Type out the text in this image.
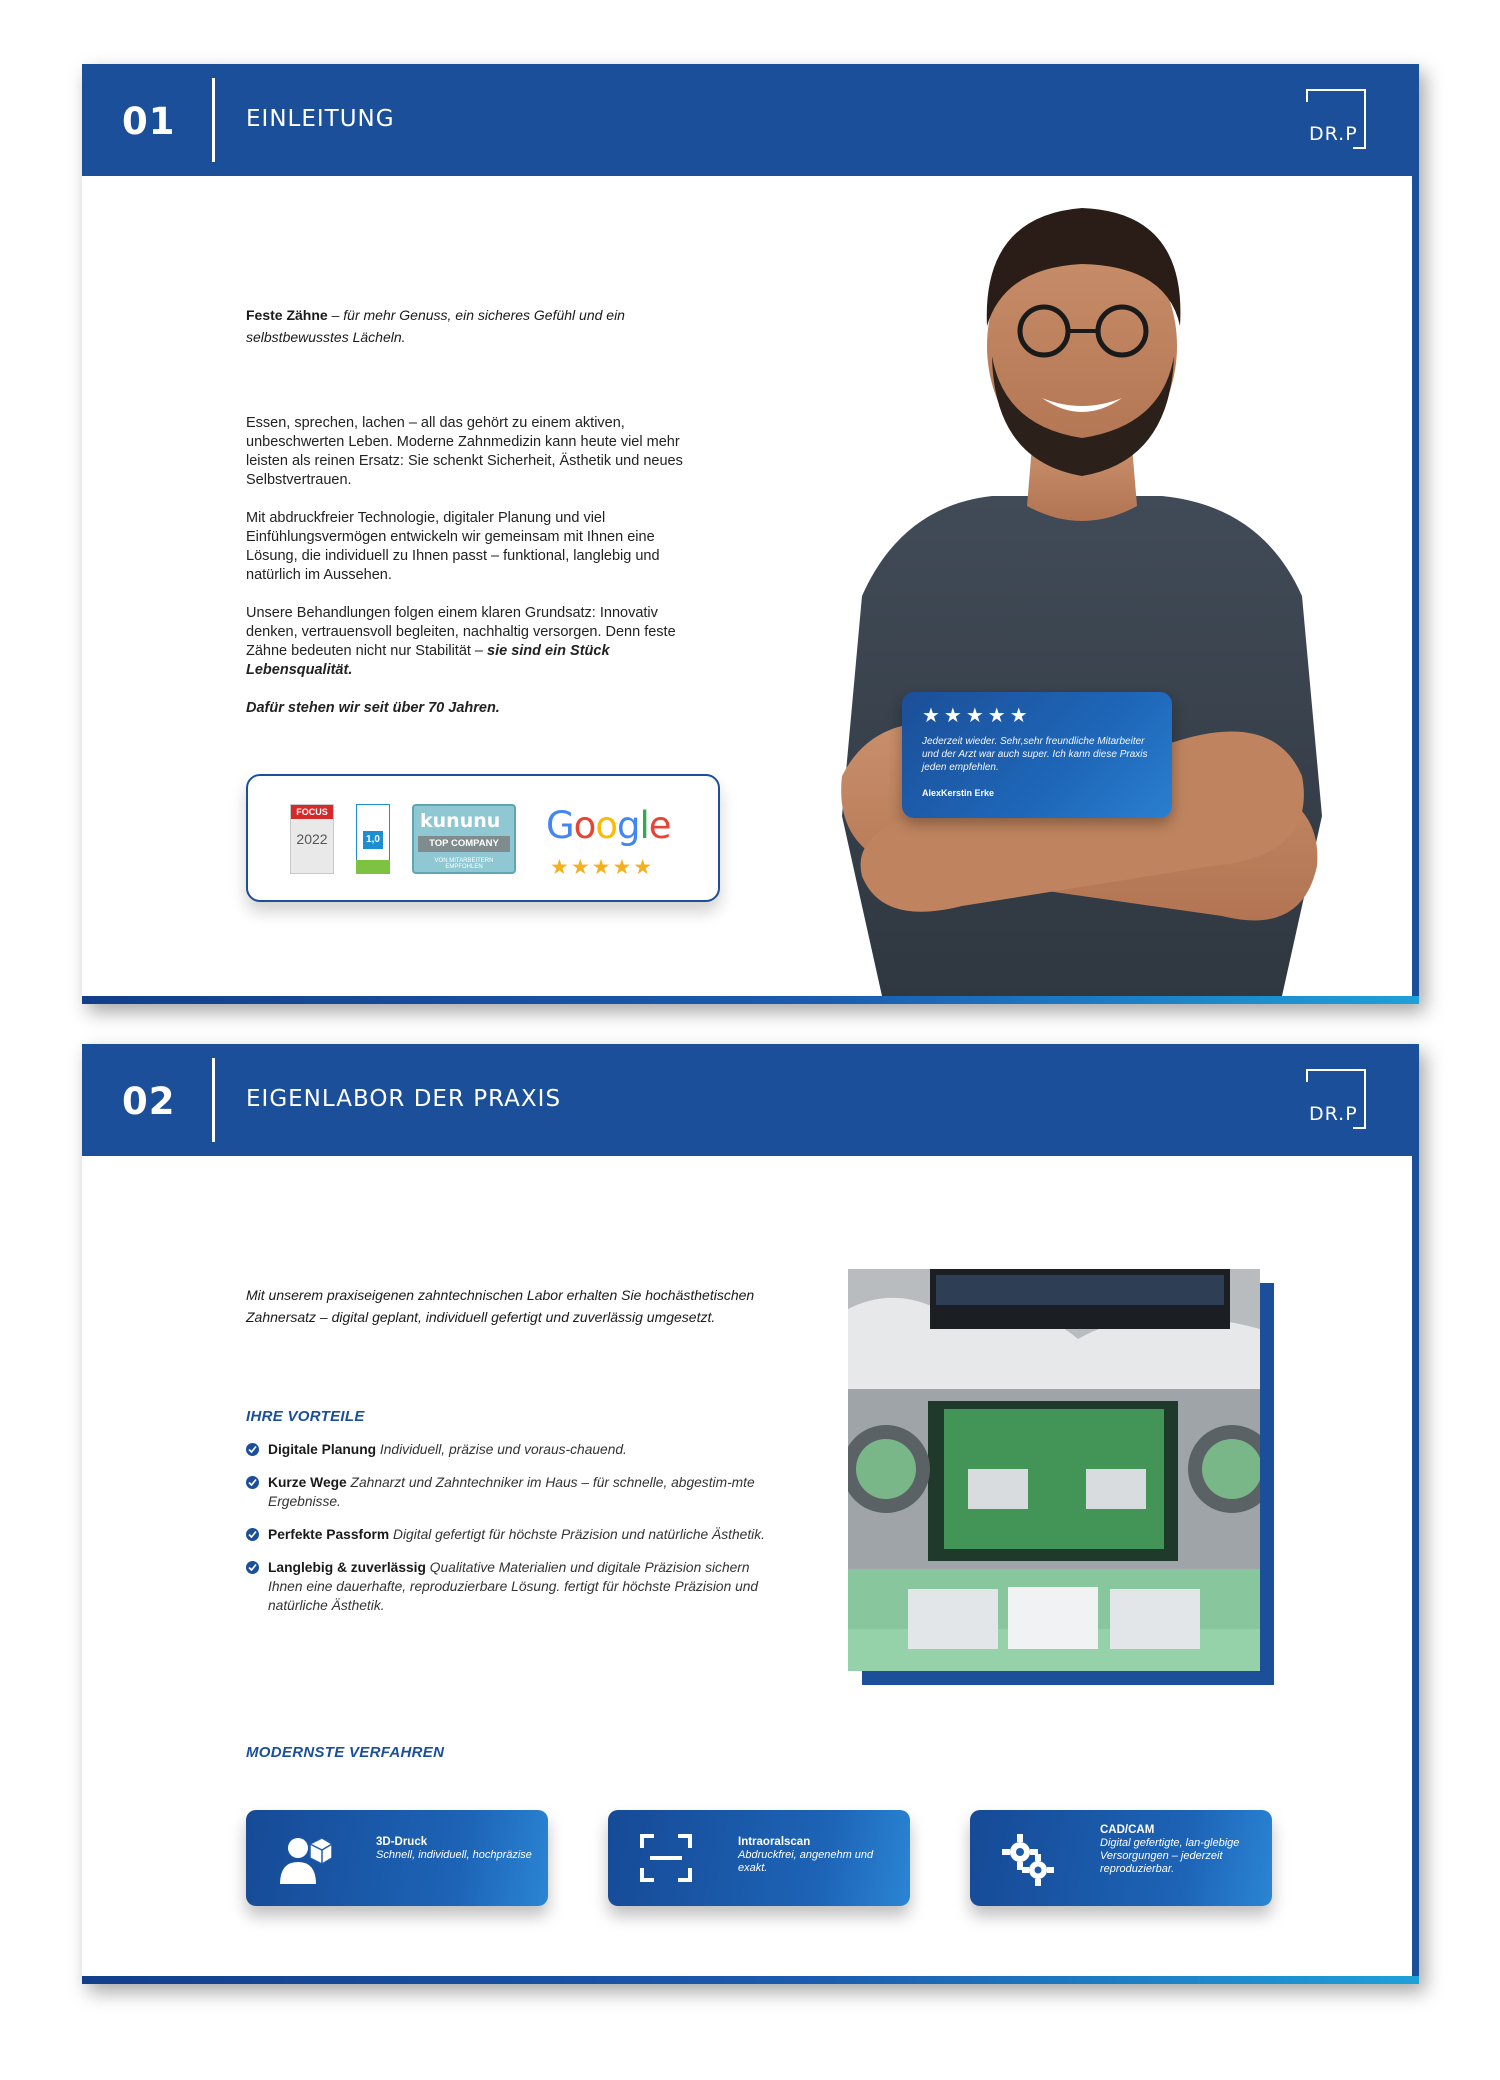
01	EINLEITUNG
DR.P
Feste Zähne – für mehr Genuss, ein sicheres Gefühl und ein selbstbewusstes Lächeln.

Essen, sprechen, lachen – all das gehört zu einem aktiven, unbeschwerten Leben. Moderne Zahnmedizin kann heute viel mehr leisten als reinen Ersatz: Sie schenkt Sicherheit, Ästhetik und neues Selbstvertrauen.

Mit abdruckfreier Technologie, digitaler Planung und viel Einfühlungsvermögen entwickeln wir gemeinsam mit Ihnen eine Lösung, die individuell zu Ihnen passt – funktional, langlebig und natürlich im Aussehen.

Unsere Behandlungen folgen einem klaren Grundsatz: Innovativ denken, vertrauensvoll begleiten, nachhaltig versorgen. Denn feste Zähne bedeuten nicht nur Stabilität – sie sind ein Stück Lebensqualität.

Dafür stehen wir seit über 70 Jahren.

FOCUS
2022	1,0
kununu
TOP COMPANY
VON MITARBEITERN EMPFOHLEN
Google
★★★★★
★★★★★
Jederzeit wieder. Sehr,sehr freundliche Mitarbeiter und der Arzt war auch super. Ich kann diese Praxis jeden empfehlen.
AlexKerstin Erke
02	EIGENLABOR DER PRAXIS
DR.P
Mit unserem praxiseigenen zahntechnischen Labor erhalten Sie hochästhetischen Zahnersatz – digital geplant, individuell gefertigt und zuverlässig umgesetzt.
IHRE VORTEILE
Digitale Planung Individuell, präzise und voraus-chauend.
Kurze Wege Zahnarzt und Zahntechniker im Haus – für schnelle, abgestim-mte Ergebnisse.
Perfekte Passform Digital gefertigt für höchste Präzision und natürliche Ästhetik.
Langlebig & zuverlässig Qualitative Materialien und digitale Präzision sichern Ihnen eine dauerhafte, reproduzierbare Lösung. fertigt für höchste Präzision und natürliche Ästhetik.
MODERNSTE VERFAHREN
3D-Druck
Schnell, individuell, hochpräzise
Intraoralscan
Abdruckfrei, angenehm und exakt.
CAD/CAM
Digital gefertigte, lan-glebige Versorgungen – jederzeit reproduzierbar.
